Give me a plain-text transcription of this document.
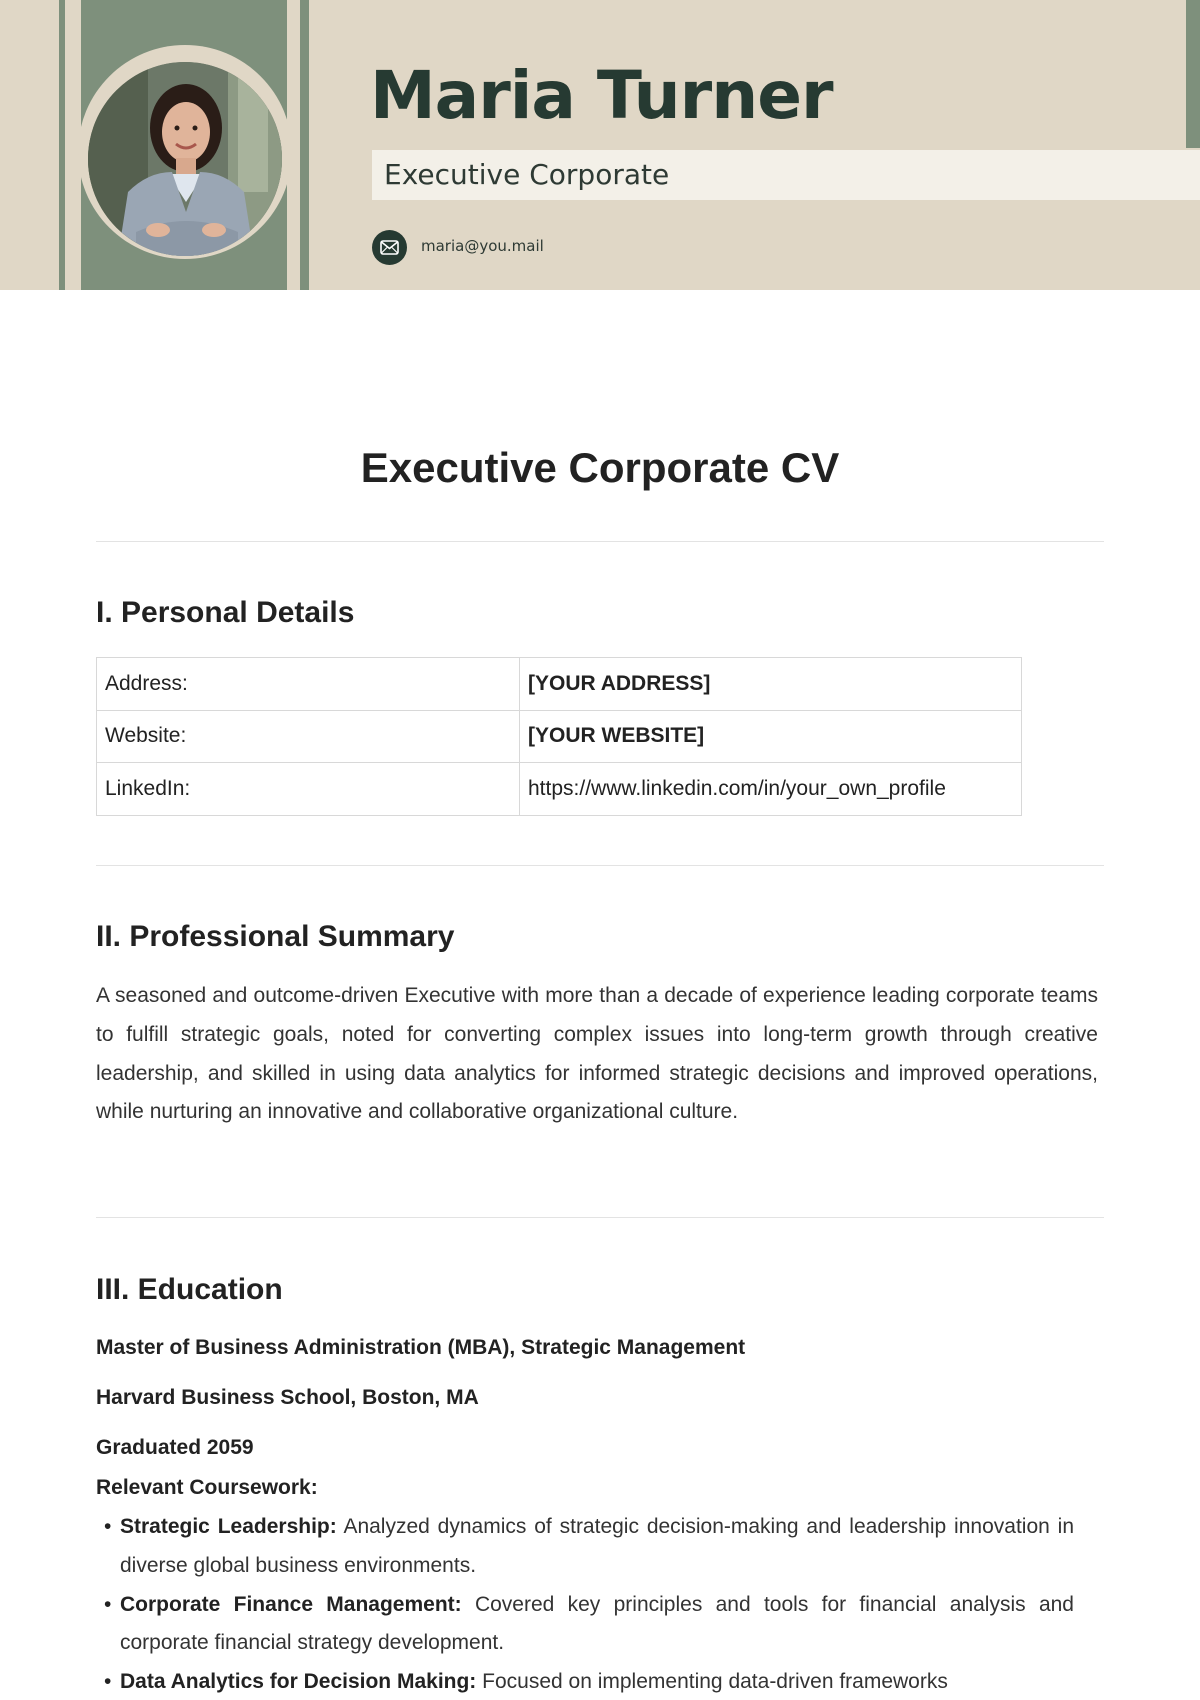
Maria Turner
Executive Corporate
maria@you.mail
Executive Corporate CV
I. Personal Details
Address:	[YOUR ADDRESS]
Website:	[YOUR WEBSITE]
LinkedIn:	https://www.linkedin.com/in/your_own_profile
II. Professional Summary

A seasoned and outcome-driven Executive with more than a decade of experience leading corporate teams to fulfill strategic goals, noted for converting complex issues into long-term growth through creative leadership, and skilled in using data analytics for informed strategic decisions and improved operations, while nurturing an innovative and collaborative organizational culture.

III. Education
Master of Business Administration (MBA), Strategic Management
Harvard Business School, Boston, MA
Graduated 2059
Relevant Coursework:
• Strategic Leadership: Analyzed dynamics of strategic decision-making and leadership innovation in diverse global business environments.
• Corporate Finance Management: Covered key principles and tools for financial analysis and corporate financial strategy development.
• Data Analytics for Decision Making: Focused on implementing data-driven frameworks
